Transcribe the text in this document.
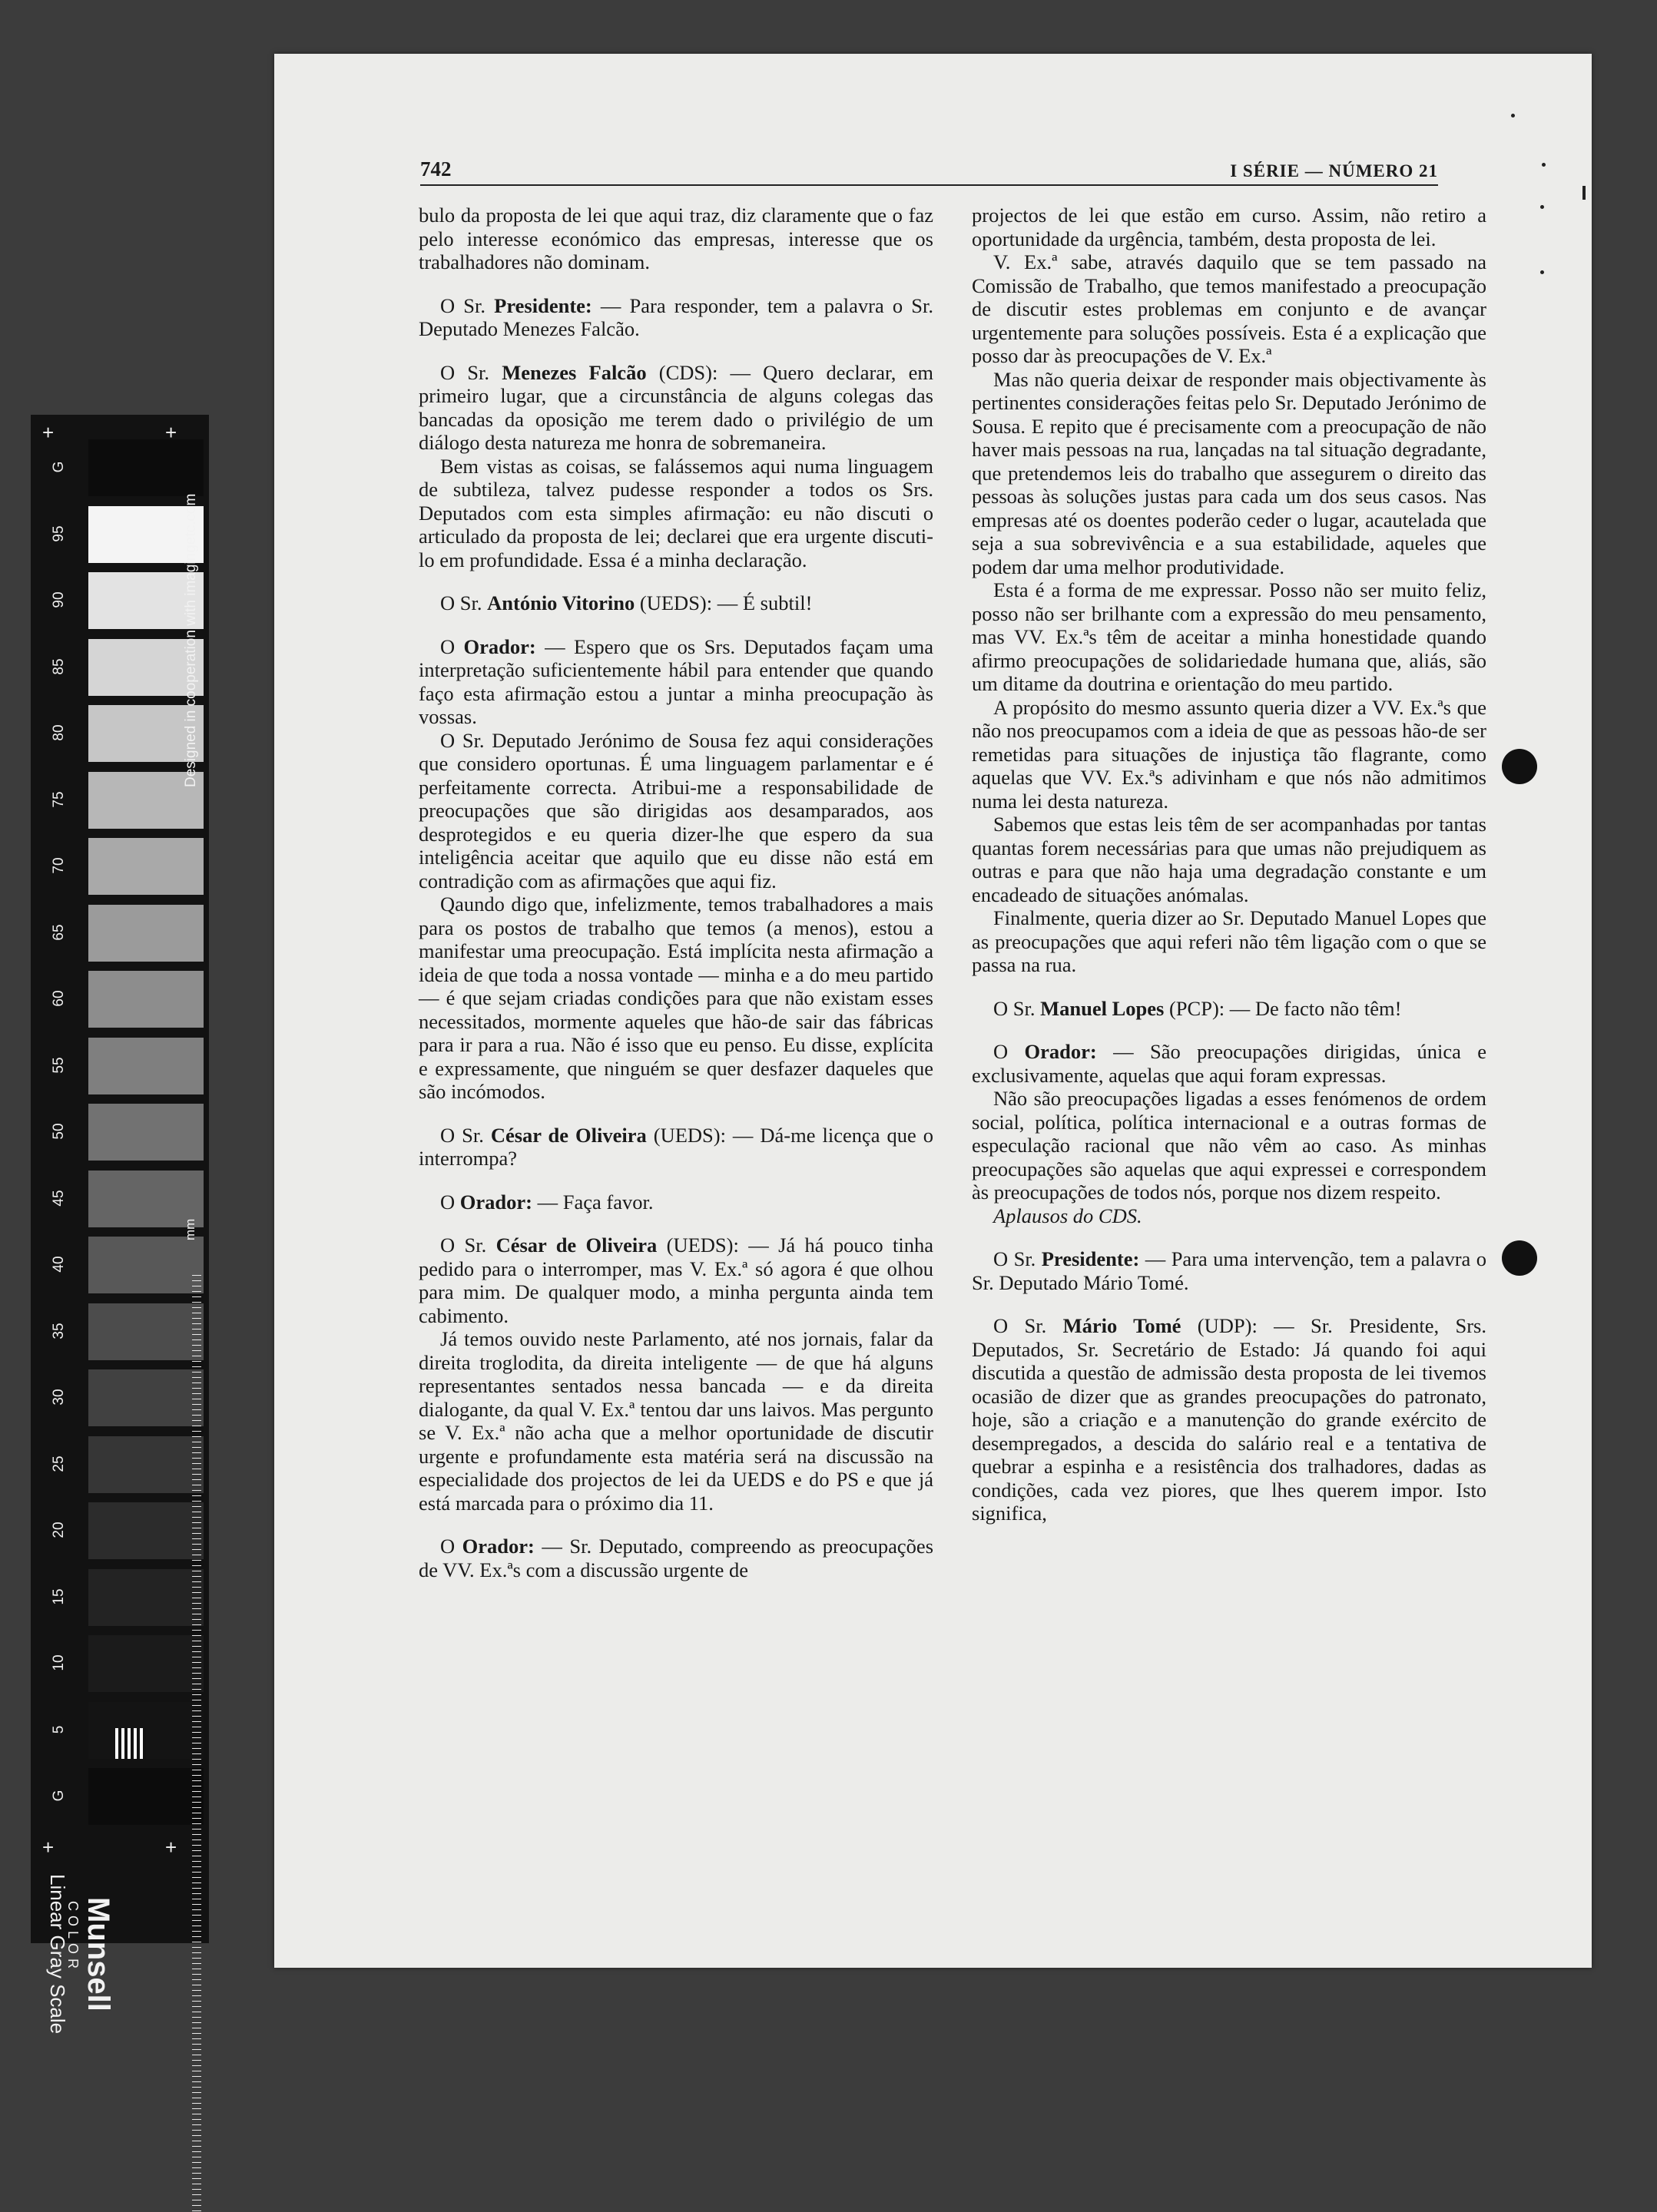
742	I SÉRIE — NÚMERO 21

bulo da proposta de lei que aqui traz, diz claramente que o faz pelo interesse económico das empresas, interesse que os trabalhadores não dominam.

O Sr. Presidente: — Para responder, tem a palavra o Sr. Deputado Menezes Falcão.

O Sr. Menezes Falcão (CDS): — Quero declarar, em primeiro lugar, que a circunstância de alguns colegas das bancadas da oposição me terem dado o privilégio de um diálogo desta natureza me honra de sobremaneira.

Bem vistas as coisas, se falássemos aqui numa linguagem de subtileza, talvez pudesse responder a todos os Srs. Deputados com esta simples afirmação: eu não discuti o articulado da proposta de lei; declarei que era urgente discuti-lo em profundidade. Essa é a minha declaração.

O Sr. António Vitorino (UEDS): — É subtil!

O Orador: — Espero que os Srs. Deputados façam uma interpretação suficientemente hábil para entender que quando faço esta afirmação estou a juntar a minha preocupação às vossas.

O Sr. Deputado Jerónimo de Sousa fez aqui considerações que considero oportunas. É uma linguagem parlamentar e é perfeitamente correcta. Atribui-me a responsabilidade de preocupações que são dirigidas aos desamparados, aos desprotegidos e eu queria dizer-lhe que espero da sua inteligência aceitar que aquilo que eu disse não está em contradição com as afirmações que aqui fiz.

Qaundo digo que, infelizmente, temos trabalhadores a mais para os postos de trabalho que temos (a menos), estou a manifestar uma preocupação. Está implícita nesta afirmação a ideia de que toda a nossa vontade — minha e a do meu partido — é que sejam criadas condições para que não existam esses necessitados, mormente aqueles que hão-de sair das fábricas para ir para a rua. Não é isso que eu penso. Eu disse, explícita e expressamente, que ninguém se quer desfazer daqueles que são incómodos.

O Sr. César de Oliveira (UEDS): — Dá-me licença que o interrompa?

O Orador: — Faça favor.

O Sr. César de Oliveira (UEDS): — Já há pouco tinha pedido para o interromper, mas V. Ex.ª só agora é que olhou para mim. De qualquer modo, a minha pergunta ainda tem cabimento.

Já temos ouvido neste Parlamento, até nos jornais, falar da direita troglodita, da direita inteligente — de que há alguns representantes sentados nessa bancada — e da direita dialogante, da qual V. Ex.ª tentou dar uns laivos. Mas pergunto se V. Ex.ª não acha que a melhor oportunidade de discutir urgente e profundamente esta matéria será na discussão na especialidade dos projectos de lei da UEDS e do PS e que já está marcada para o próximo dia 11.

O Orador: — Sr. Deputado, compreendo as preocupações de VV. Ex.ªs com a discussão urgente de

projectos de lei que estão em curso. Assim, não retiro a oportunidade da urgência, também, desta proposta de lei.

V. Ex.ª sabe, através daquilo que se tem passado na Comissão de Trabalho, que temos manifestado a preocupação de discutir estes problemas em conjunto e de avançar urgentemente para soluções possíveis. Esta é a explicação que posso dar às preocupações de V. Ex.ª

Mas não queria deixar de responder mais objectivamente às pertinentes considerações feitas pelo Sr. Deputado Jerónimo de Sousa. E repito que é precisamente com a preocupação de não haver mais pessoas na rua, lançadas na tal situação degradante, que pretendemos leis do trabalho que assegurem o direito das pessoas às soluções justas para cada um dos seus casos. Nas empresas até os doentes poderão ceder o lugar, acautelada que seja a sua sobrevivência e a sua estabilidade, aqueles que podem dar uma melhor produtividade.

Esta é a forma de me expressar. Posso não ser muito feliz, posso não ser brilhante com a expressão do meu pensamento, mas VV. Ex.ªs têm de aceitar a minha honestidade quando afirmo preocupações de solidariedade humana que, aliás, são um ditame da doutrina e orientação do meu partido.

A propósito do mesmo assunto queria dizer a VV. Ex.ªs que não nos preocupamos com a ideia de que as pessoas hão-de ser remetidas para situações de injustiça tão flagrante, como aquelas que VV. Ex.ªs adivinham e que nós não admitimos numa lei desta natureza.

Sabemos que estas leis têm de ser acompanhadas por tantas quantas forem necessárias para que umas não prejudiquem as outras e para que não haja uma degradação constante e um encadeado de situações anómalas.

Finalmente, queria dizer ao Sr. Deputado Manuel Lopes que as preocupações que aqui referi não têm ligação com o que se passa na rua.

O Sr. Manuel Lopes (PCP): — De facto não têm!

O Orador: — São preocupações dirigidas, única e exclusivamente, aquelas que aqui foram expressas.

Não são preocupações ligadas a esses fenómenos de ordem social, política, política internacional e a outras formas de especulação racional que não vêm ao caso. As minhas preocupações são aquelas que aqui expressei e correspondem às preocupações de todos nós, porque nos dizem respeito.

Aplausos do CDS.

O Sr. Presidente: — Para uma intervenção, tem a palavra o Sr. Deputado Mário Tomé.

O Sr. Mário Tomé (UDP): — Sr. Presidente, Srs. Deputados, Sr. Secretário de Estado: Já quando foi aqui discutida a questão de admissão desta proposta de lei tivemos ocasião de dizer que as grandes preocupações do patronato, hoje, são a criação e a manutenção do grande exército de desempregados, a descida do salário real e a tentativa de quebrar a espinha e a resistência dos tralhadores, dadas as condições, cada vez piores, que lhes querem impor. Isto significa,

G
95
90
85
80
75
70
65
60
55
50
45
40
35
30
25
20
15
10
5
G
+	+
+	+
Designed in cooperation with imagingetc.com
mm
Linear Gray Scale Munsell
COLOR
